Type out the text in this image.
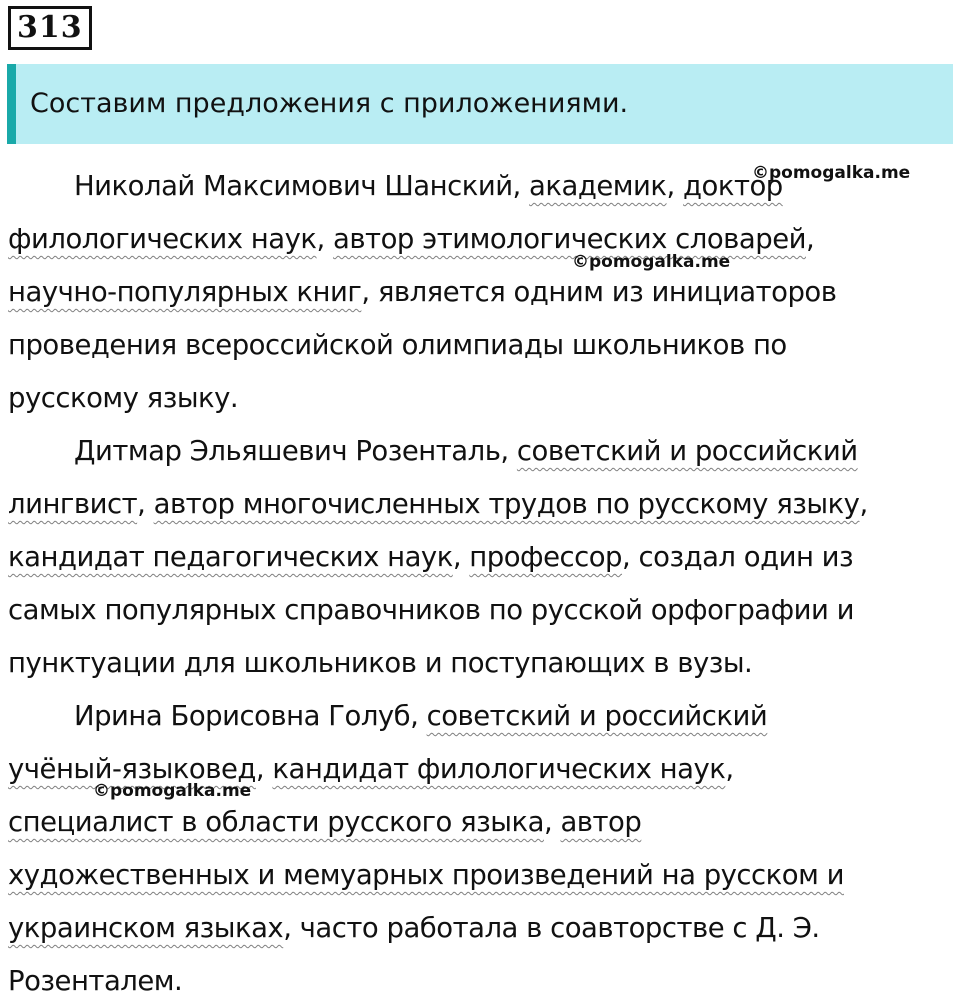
313
Составим предложения с приложениями.

Николай Максимович Шанский, академик, доктор
филологических наук, автор этимологических словарей,
научно-популярных книг, является одним из инициаторов
проведения всероссийской олимпиады школьников по
русскому языку.

Дитмар Эльяшевич Розенталь, советский и российский
лингвист, автор многочисленных трудов по русскому языку,
кандидат педагогических наук, профессор, создал один из
самых популярных справочников по русской орфографии и
пунктуации для школьников и поступающих в вузы.

Ирина Борисовна Голуб, советский и российский
учёный-языковед, кандидат филологических наук,
специалист в области русского языка, автор
художественных и мемуарных произведений на русском и
украинском языках, часто работала в соавторстве с Д. Э.
Розенталем.

©pomogalka.me
©pomogalka.me
©pomogalka.me
